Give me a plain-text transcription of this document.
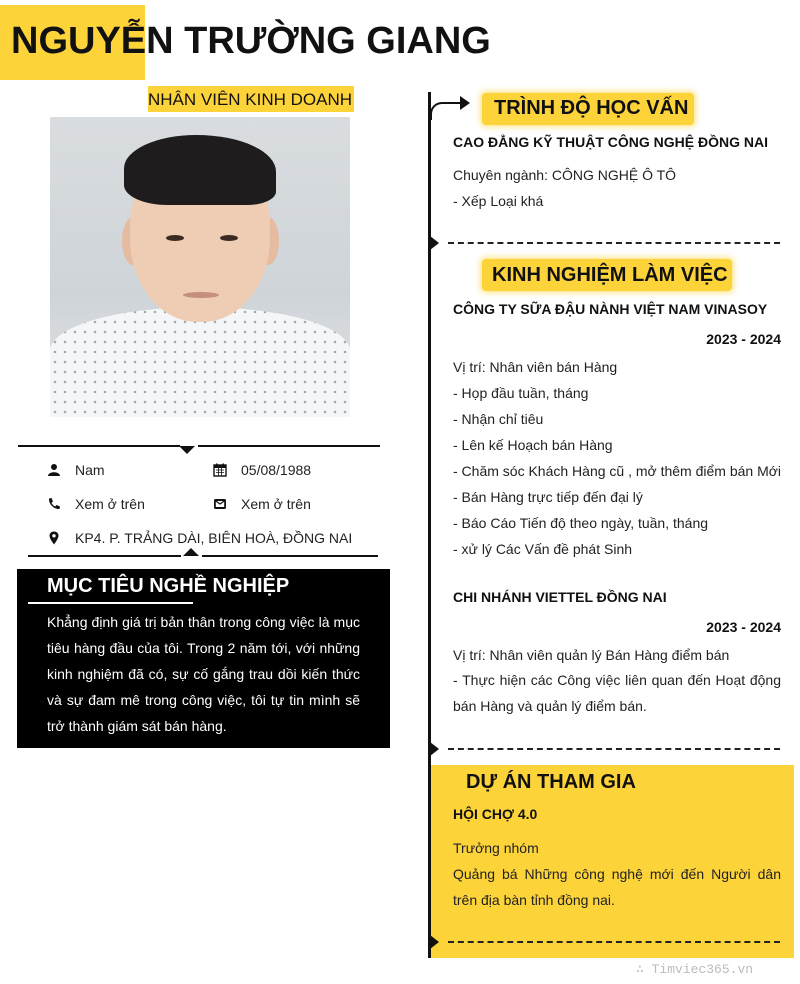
NGUYỄN TRƯỜNG GIANG
NHÂN VIÊN KINH DOANH
Nam	05/08/1988
Xem ở trên	Xem ở trên
KP4. P. TRẢNG DÀI, BIÊN HOÀ, ĐỒNG NAI
MỤC TIÊU NGHỀ NGHIỆP
Khẳng định giá trị bản thân trong công việc là mục tiêu hàng đầu của tôi. Trong 2 năm tới, với những kinh nghiệm đã có, sự cố gắng trau dồi kiến thức và sự đam mê trong công việc, tôi tự tin mình sẽ trở thành giám sát bán hàng.
TRÌNH ĐỘ HỌC VẤN
CAO ĐẲNG KỸ THUẬT CÔNG NGHỆ ĐỒNG NAI
Chuyên ngành: CÔNG NGHỆ Ô TÔ
- Xếp Loại khá
KINH NGHIỆM LÀM VIỆC
CÔNG TY SỮA ĐẬU NÀNH VIỆT NAM VINASOY
2023 - 2024
Vị trí: Nhân viên bán Hàng
- Họp đầu tuần, tháng
- Nhận chỉ tiêu
- Lên kế Hoạch bán Hàng
- Chăm sóc Khách Hàng cũ , mở thêm điểm bán Mới
- Bán Hàng trực tiếp đến đại lý
- Báo Cáo Tiến độ theo ngày, tuần, tháng
- xử lý Các Vấn đề phát Sinh
CHI NHÁNH VIETTEL ĐỒNG NAI
2023 - 2024
Vị trí: Nhân viên quản lý Bán Hàng điểm bán
- Thực hiện các Công việc liên quan đến Hoạt động bán Hàng và quản lý điểm bán.
DỰ ÁN THAM GIA
HỘI CHỢ 4.0
Trưởng nhóm
Quảng bá Những công nghệ mới đến Người dân trên địa bàn tỉnh đồng nai.
∴ Timviec365.vn
